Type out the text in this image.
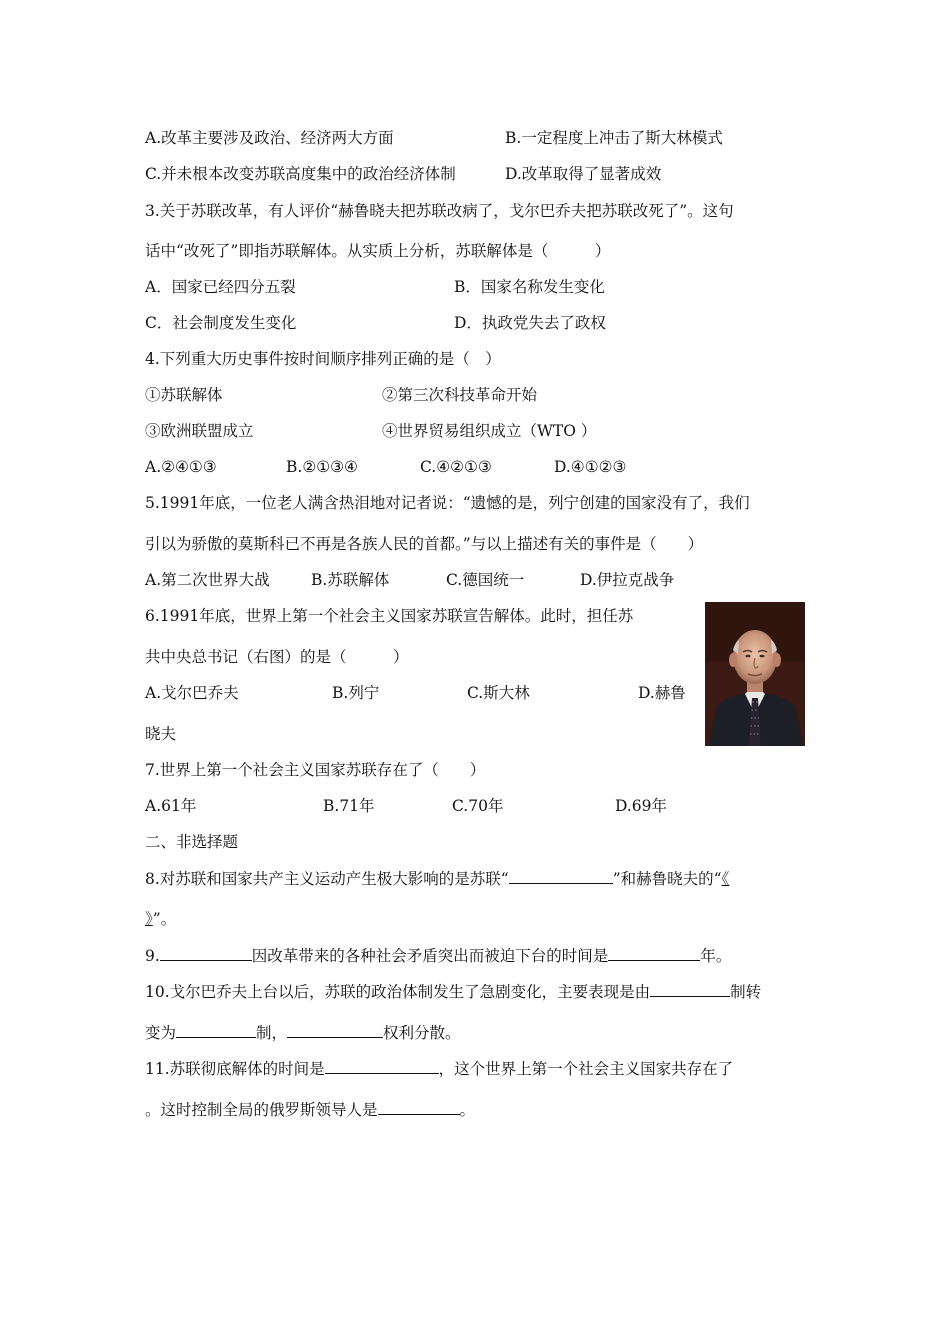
A.改革主要涉及政治、经济两大方面	B.一定程度上冲击了斯大林模式
C.并未根本改变苏联高度集中的政治经济体制	D.改革取得了显著成效
3.关于苏联改革，有人评价“赫鲁晓夫把苏联改病了，戈尔巴乔夫把苏联改死了”。这句
话中“改死了”即指苏联解体。从实质上分析，苏联解体是（　　　）
A．国家已经四分五裂	B．国家名称发生变化
C．社会制度发生变化	D．执政党失去了政权
4.下列重大历史事件按时间顺序排列正确的是（　）
①苏联解体	②第三次科技革命开始
③欧洲联盟成立	④世界贸易组织成立（WTO ）
A.②④①③	B.②①③④	C.④②①③	D.④①②③
5.1991年底，一位老人满含热泪地对记者说：“遗憾的是，列宁创建的国家没有了，我们
引以为骄傲的莫斯科已不再是各族人民的首都。”与以上描述有关的事件是（　　）
A.第二次世界大战	B.苏联解体	C.德国统一	D.伊拉克战争
6.1991年底，世界上第一个社会主义国家苏联宣告解体。此时，担任苏
共中央总书记（右图）的是（　　　）
A.戈尔巴乔夫	B.列宁	C.斯大林	D.赫鲁
晓夫
7.世界上第一个社会主义国家苏联存在了（　　）
A.61年	B.71年	C.70年	D.69年
二、非选择题
8.对苏联和国家共产主义运动产生极大影响的是苏联“	”和赫鲁晓夫的“《
》”。
9.	因改革带来的各种社会矛盾突出而被迫下台的时间是	年。
10.戈尔巴乔夫上台以后，苏联的政治体制发生了急剧变化，主要表现是由	制转
变为	制，	权利分散。
11.苏联彻底解体的时间是	，这个世界上第一个社会主义国家共存在了
。这时控制全局的俄罗斯领导人是	。
